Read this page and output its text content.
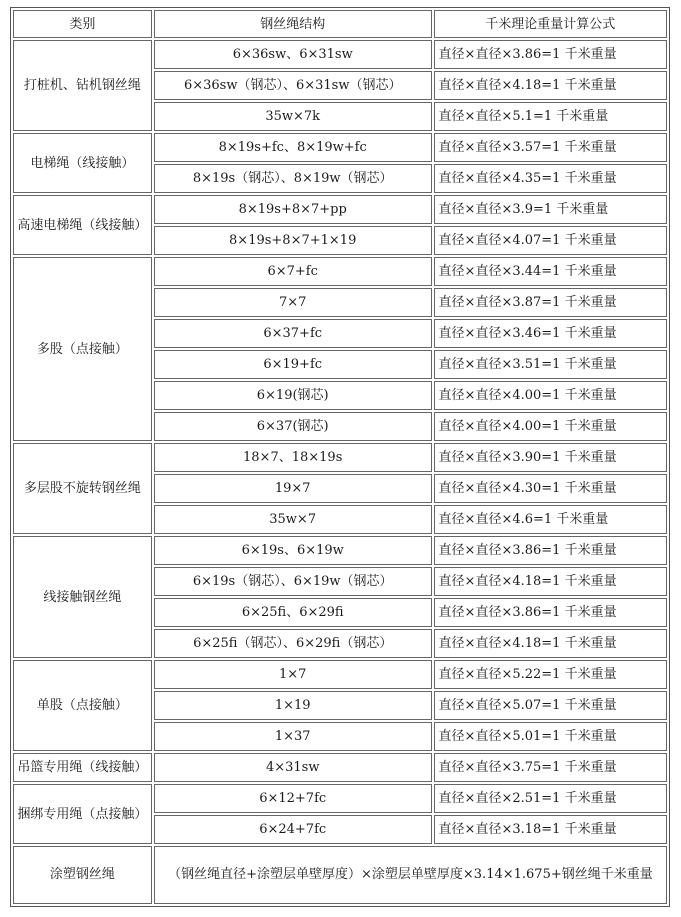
类别	钢丝绳结构	千米理论重量计算公式
打桩机、钻机钢丝绳	6×36sw、6×31sw	直径×直径×3.86=1 千米重量
	6×36sw（钢芯）、6×31sw（钢芯）	直径×直径×4.18=1 千米重量
	35w×7k	直径×直径×5.1=1 千米重量
电梯绳（线接触）	8×19s+fc、8×19w+fc	直径×直径×3.57=1 千米重量
	8×19s（钢芯）、8×19w（钢芯）	直径×直径×4.35=1 千米重量
高速电梯绳（线接触）	8×19s+8×7+pp	直径×直径×3.9=1 千米重量
	8×19s+8×7+1×19	直径×直径×4.07=1 千米重量
多股（点接触）	6×7+fc	直径×直径×3.44=1 千米重量
	7×7	直径×直径×3.87=1 千米重量
	6×37+fc	直径×直径×3.46=1 千米重量
	6×19+fc	直径×直径×3.51=1 千米重量
	6×19(钢芯)	直径×直径×4.00=1 千米重量
	6×37(钢芯)	直径×直径×4.00=1 千米重量
多层股不旋转钢丝绳	18×7、18×19s	直径×直径×3.90=1 千米重量
	19×7	直径×直径×4.30=1 千米重量
	35w×7	直径×直径×4.6=1 千米重量
线接触钢丝绳	6×19s、6×19w	直径×直径×3.86=1 千米重量
	6×19s（钢芯）、6×19w（钢芯）	直径×直径×4.18=1 千米重量
	6×25fi、6×29fi	直径×直径×3.86=1 千米重量
	6×25fi（钢芯）、6×29fi（钢芯）	直径×直径×4.18=1 千米重量
单股（点接触）	1×7	直径×直径×5.22=1 千米重量
	1×19	直径×直径×5.07=1 千米重量
	1×37	直径×直径×5.01=1 千米重量
吊篮专用绳（线接触）	4×31sw	直径×直径×3.75=1 千米重量
捆绑专用绳（点接触）	6×12+7fc	直径×直径×2.51=1 千米重量
	6×24+7fc	直径×直径×3.18=1 千米重量
涂塑钢丝绳	（钢丝绳直径+涂塑层单壁厚度）×涂塑层单壁厚度×3.14×1.675+钢丝绳千米重量	
